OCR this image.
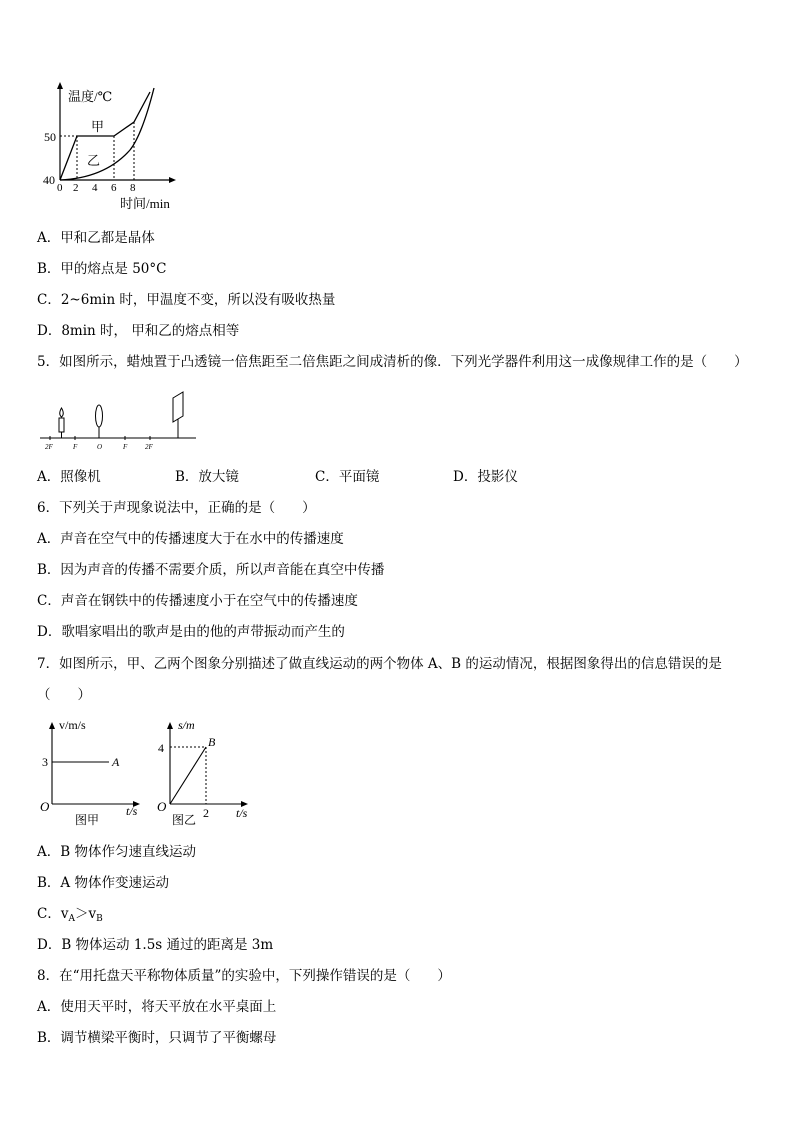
温度/℃
50
40
0 2 4 6 8
时间/min
甲
乙
A．甲和乙都是晶体
B．甲的熔点是 50°C
C．2~6min 时，甲温度不变，所以没有吸收热量
D．8min 时， 甲和乙的熔点相等
5．如图所示，蜡烛置于凸透镜一倍焦距至二倍焦距之间成清析的像．下列光学器件利用这一成像规律工作的是（　　）
2F	F	O	F	2F
A．照像机	B．放大镜	C．平面镜	D．投影仪
6．下列关于声现象说法中，正确的是（　　）
A．声音在空气中的传播速度大于在水中的传播速度
B．因为声音的传播不需要介质，所以声音能在真空中传播
C．声音在钢铁中的传播速度小于在空气中的传播速度
D．歌唱家唱出的歌声是由的他的声带振动而产生的
7．如图所示，甲、乙两个图象分别描述了做直线运动的两个物体 A、B 的运动情况，根据图象得出的信息错误的是
（　　）
v/m/s
3	A
O	t/s
图甲
s/m
4	B
O	2 t/s
图乙
A．B 物体作匀速直线运动
B．A 物体作变速运动
C．$v_A>v_B$
D．B 物体运动 1.5s 通过的距离是 3m
8．在“用托盘天平称物体质量”的实验中，下列操作错误的是（　　）
A．使用天平时，将天平放在水平桌面上
B．调节横梁平衡时，只调节了平衡螺母
